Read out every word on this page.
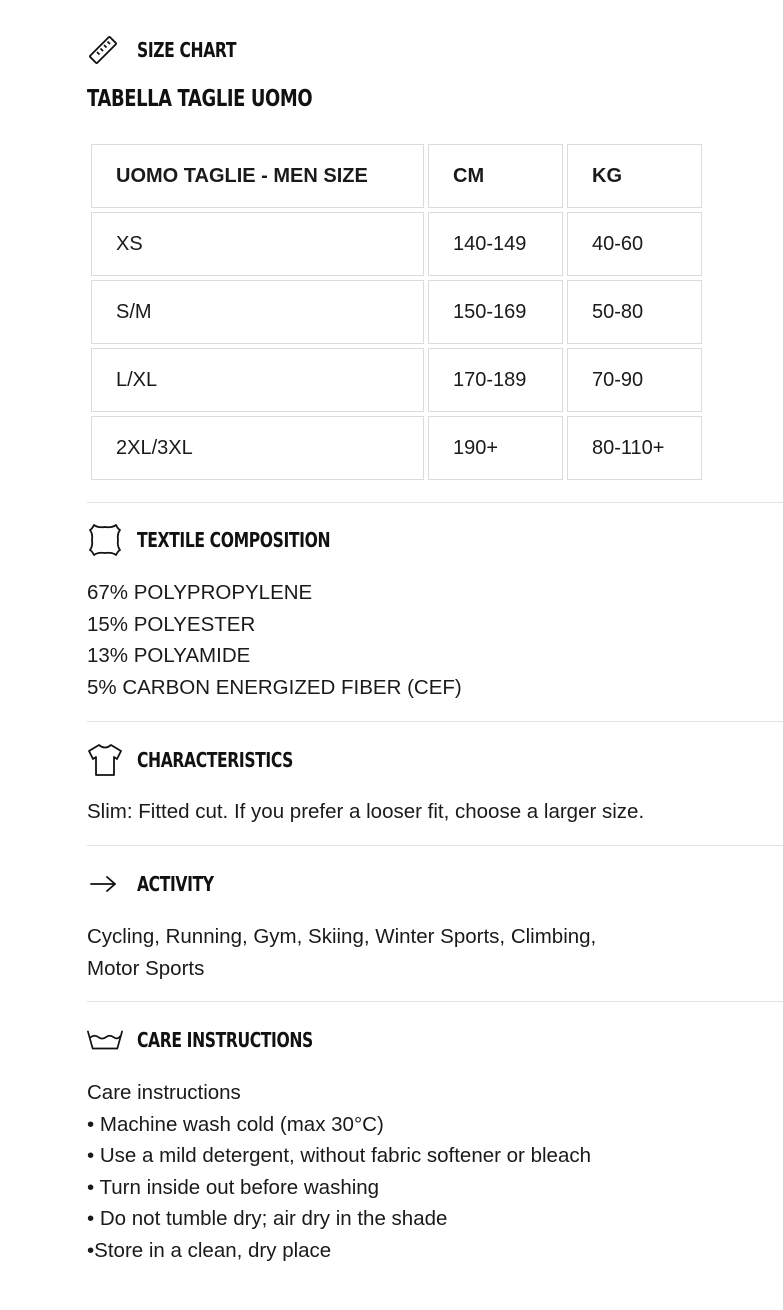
SIZE CHART
TABELLA TAGLIE UOMO
UOMO TAGLIE - MEN SIZE	CM	KG
XS	140-149	40-60
S/M	150-169	50-80
L/XL	170-189	70-90
2XL/3XL	190+	80-110+
TEXTILE COMPOSITION
67% POLYPROPYLENE
15% POLYESTER
13% POLYAMIDE
5% CARBON ENERGIZED FIBER (CEF)
CHARACTERISTICS
Slim: Fitted cut. If you prefer a looser fit, choose a larger size.
ACTIVITY
Cycling, Running, Gym, Skiing, Winter Sports, Climbing,
Motor Sports
CARE INSTRUCTIONS
Care instructions
• Machine wash cold (max 30°C)
• Use a mild detergent, without fabric softener or bleach
• Turn inside out before washing
• Do not tumble dry; air dry in the shade
•Store in a clean, dry place
